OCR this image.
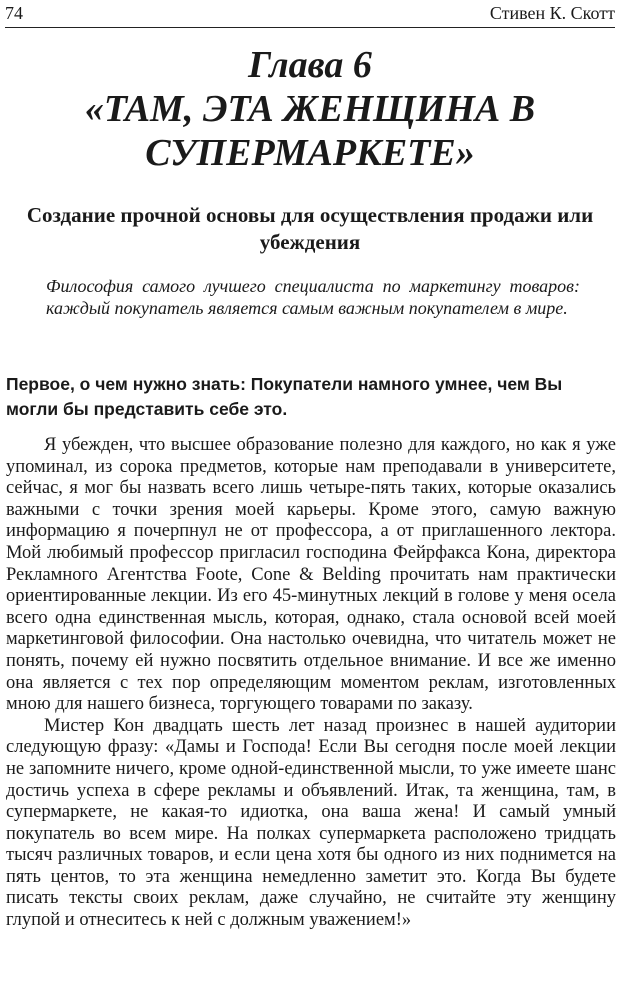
74	Стивен К. Скотт
Глава 6
«ТАМ, ЭТА ЖЕНЩИНА В
СУПЕРМАРКЕТЕ»
Создание прочной основы для осуществления продажи или убеждения
Философия самого лучшего специалиста по маркетингу товаров: каждый покупатель является самым важным покупателем в мире.
Первое, о чем нужно знать: Покупатели намного умнее, чем Вы могли бы представить себе это.

Я убежден, что высшее образование полезно для каждого, но как я уже упоминал, из сорока предметов, которые нам преподавали в университете, сейчас, я мог бы назвать всего лишь четыре-пять таких, которые оказались важными с точки зрения моей карьеры. Кроме этого, самую важную информацию я почерпнул не от профессора, а от приглашенного лектора. Мой любимый профессор пригласил господина Фейрфакса Кона, директора Рекламного Агентства Foote, Cone & Belding прочитать нам практически ориентированные лекции. Из его 45-минутных лекций в голове у меня осела всего одна единственная мысль, которая, однако, стала основой всей моей маркетинговой философии. Она настолько очевидна, что читатель может не понять, почему ей нужно посвятить отдельное внимание. И все же именно она является с тех пор определяющим моментом реклам, изготовленных мною для нашего бизнеса, торгующего товарами по заказу.

Мистер Кон двадцать шесть лет назад произнес в нашей аудитории следующую фразу: «Дамы и Господа! Если Вы сегодня после моей лекции не запомните ничего, кроме одной-единственной мысли, то уже имеете шанс достичь успеха в сфере рекламы и объявлений. Итак, та женщина, там, в супермаркете, не какая-то идиотка, она ваша жена! И самый умный покупатель во всем мире. На полках супермаркета расположено тридцать тысяч различных товаров, и если цена хотя бы одного из них поднимется на пять центов, то эта женщина немедленно заметит это. Когда Вы будете писать тексты своих реклам, даже случайно, не считайте эту женщину глупой и отнеситесь к ней с должным уважением!»
